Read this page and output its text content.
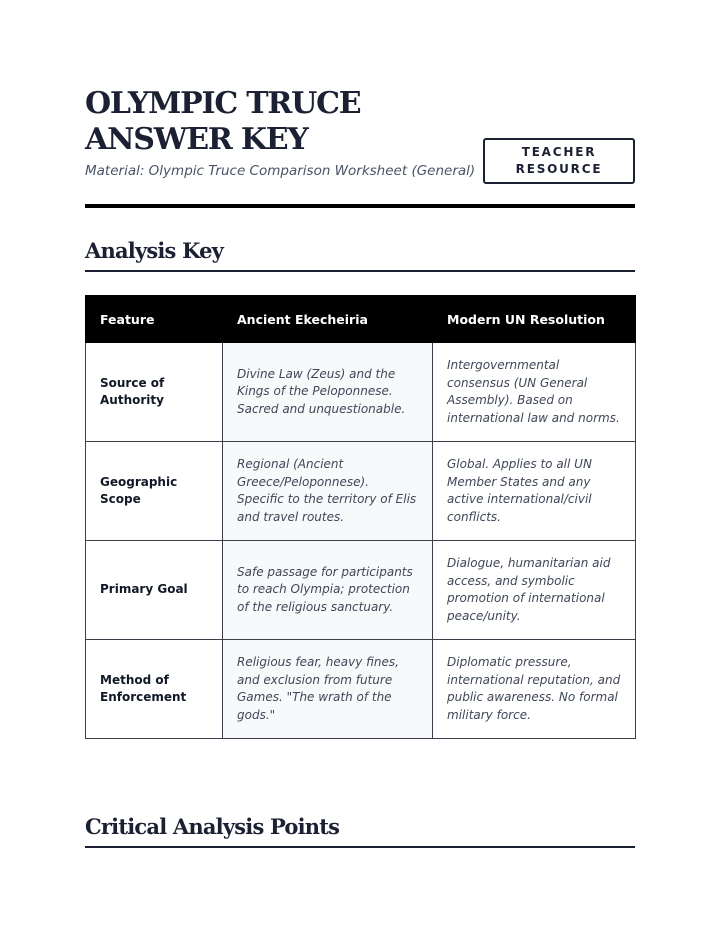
OLYMPIC TRUCE ANSWER KEY
Material: Olympic Truce Comparison Worksheet (General)
TEACHER
RESOURCE
Analysis Key
Feature	Ancient Ekecheiria	Modern UN Resolution
Source of Authority	Divine Law (Zeus) and the Kings of the Peloponnese. Sacred and unquestionable.	Intergovernmental consensus (UN General Assembly). Based on international law and norms.
Geographic Scope	Regional (Ancient Greece/Peloponnese). Specific to the territory of Elis and travel routes.	Global. Applies to all UN Member States and any active international/civil conflicts.
Primary Goal	Safe passage for participants to reach Olympia; protection of the religious sanctuary.	Dialogue, humanitarian aid access, and symbolic promotion of international peace/unity.
Method of Enforcement	Religious fear, heavy fines, and exclusion from future Games. "The wrath of the gods."	Diplomatic pressure, international reputation, and public awareness. No formal military force.
Critical Analysis Points
